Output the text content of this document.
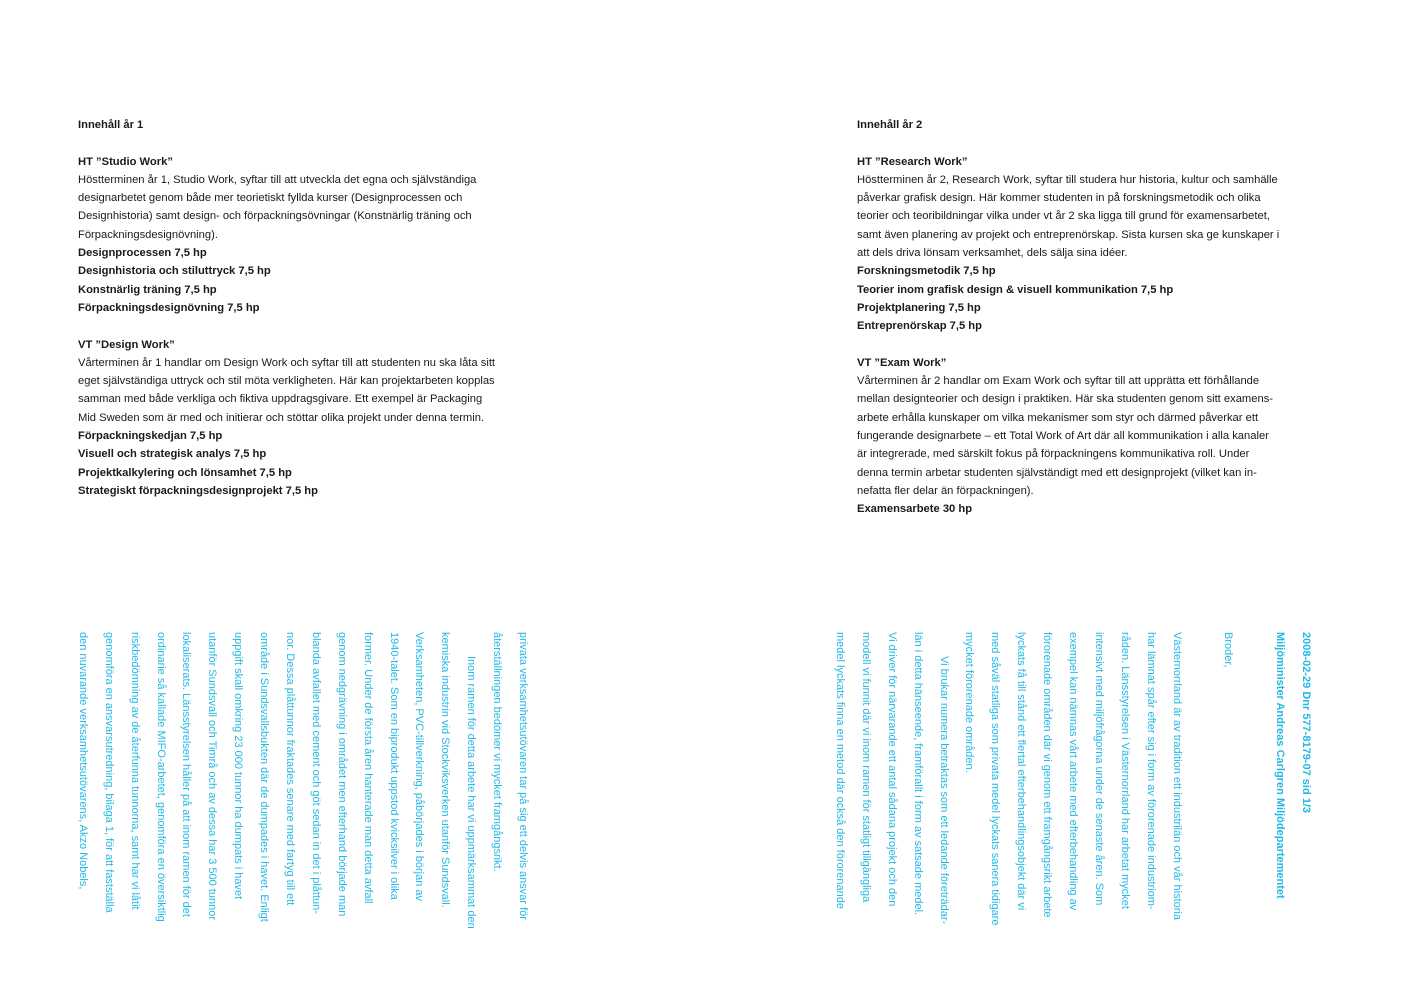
Innehåll år 1
HT ”Studio Work”
Höstterminen år 1, Studio Work, syftar till att utveckla det egna och självständiga
designarbetet genom både mer teorietiskt fyllda kurser (Designprocessen och
Designhistoria) samt design- och förpackningsövningar (Konstnärlig träning och
Förpackningsdesignövning).
Designprocessen 7,5 hp
Designhistoria och stiluttryck 7,5 hp
Konstnärlig träning 7,5 hp
Förpackningsdesignövning 7,5 hp
VT ”Design Work”
Vårterminen år 1 handlar om Design Work och syftar till att studenten nu ska låta sitt
eget självständiga uttryck och stil möta verkligheten. Här kan projektarbeten kopplas
samman med både verkliga och fiktiva uppdragsgivare. Ett exempel är Packaging
Mid Sweden som är med och initierar och stöttar olika projekt under denna termin.
Förpackningskedjan 7,5 hp
Visuell och strategisk analys 7,5 hp
Projektkalkylering och lönsamhet 7,5 hp
Strategiskt förpackningsdesignprojekt 7,5 hp
Innehåll år 2
HT ”Research Work”
Höstterminen år 2, Research Work, syftar till studera hur historia, kultur och samhälle
påverkar grafisk design. Här kommer studenten in på forskningsmetodik och olika
teorier och teoribildningar vilka under vt år 2 ska ligga till grund för examensarbetet,
samt även planering av projekt och entreprenörskap. Sista kursen ska ge kunskaper i
att dels driva lönsam verksamhet, dels sälja sina idéer.
Forskningsmetodik 7,5 hp
Teorier inom grafisk design & visuell kommunikation 7,5 hp
Projektplanering 7,5 hp
Entreprenörskap 7,5 hp
VT ”Exam Work”
Vårterminen år 2 handlar om Exam Work och syftar till att upprätta ett förhållande
mellan designteorier och design i praktiken. Här ska studenten genom sitt examens-
arbete erhålla kunskaper om vilka mekanismer som styr och därmed påverkar ett
fungerande designarbete – ett Total Work of Art där all kommunikation i alla kanaler
är integrerade, med särskilt fokus på förpackningens kommunikativa roll. Under
denna termin arbetar studenten självständigt med ett designprojekt (vilket kan in-
nefatta fler delar än förpackningen).
Examensarbete 30 hp
privata verksamhetsutövaren tar på sig ett delvis ansvar för
återställningen bedömer vi mycket framgångsrikt.
Inom ramen för detta arbete har vi uppmärksammat den
kemiska industrin vid Stockviksverken utanför Sundsvall.
Verksamheten, PVC-tillverkning, påbörjades i början av
1940-talet. Som en biprodukt uppstod kvicksilver i olika
former. Under de första åren hanterade man detta avfall
genom nedgrävning i området men efterhand började man
blanda avfallet med cement och göt sedan in det i plåttun-
nor. Dessa plåttunnor fraktades senare med fartyg till ett
område i Sundsvallsbukten där de dumpades i havet. Enligt
uppgift skall omkring 23 000 tunnor ha dumpats i havet
utanför Sundsvall och Timrå och av dessa har 3 500 tunnor
lokaliserats. Länsstyrelsen håller på att inom ramen för det
ordinarie så kallade MIFO-arbetet, genomföra en översiktlig
riskbedömning av de återfunna tunnorna, samt har vi låtit
genomföra en ansvarsutredning, bilaga 1, för att fastställa
den nuvarande verksamhetsutövarens, Akzo Nobels,	2008-02-29 Dnr 577-8179-07 sid 1/3
Miljöminister Andreas Carlgren Miljödepartementet
Broder,
Västernorrland är av tradition ett industrilän och vår historia
har lämnat spår efter sig i form av förorenade industriom-
råden. Länsstyrelsen i Västernorrland har arbetat mycket
intensivt med miljöfrågorna under de senaste åren. Som
exempel kan nämnas vårt arbete med efterbehandling av
förorenade områden där vi genom ett framgångsrikt arbete
lyckats få till stånd ett flertal efterbehandlingsobjekt där vi
med såväl statliga som privata medel lyckats sanera tidigare
mycket förorenade områden.
Vi brukar numera betraktas som ett ledande företrädar-
län i detta hänseende, framförallt i form av satsade medel.
Vi driver för närvarande ett antal sådana projekt och den
modell vi funnit där vi inom ramen för statligt tillgängliga
medel lyckats finna en metod där också den förorenande
